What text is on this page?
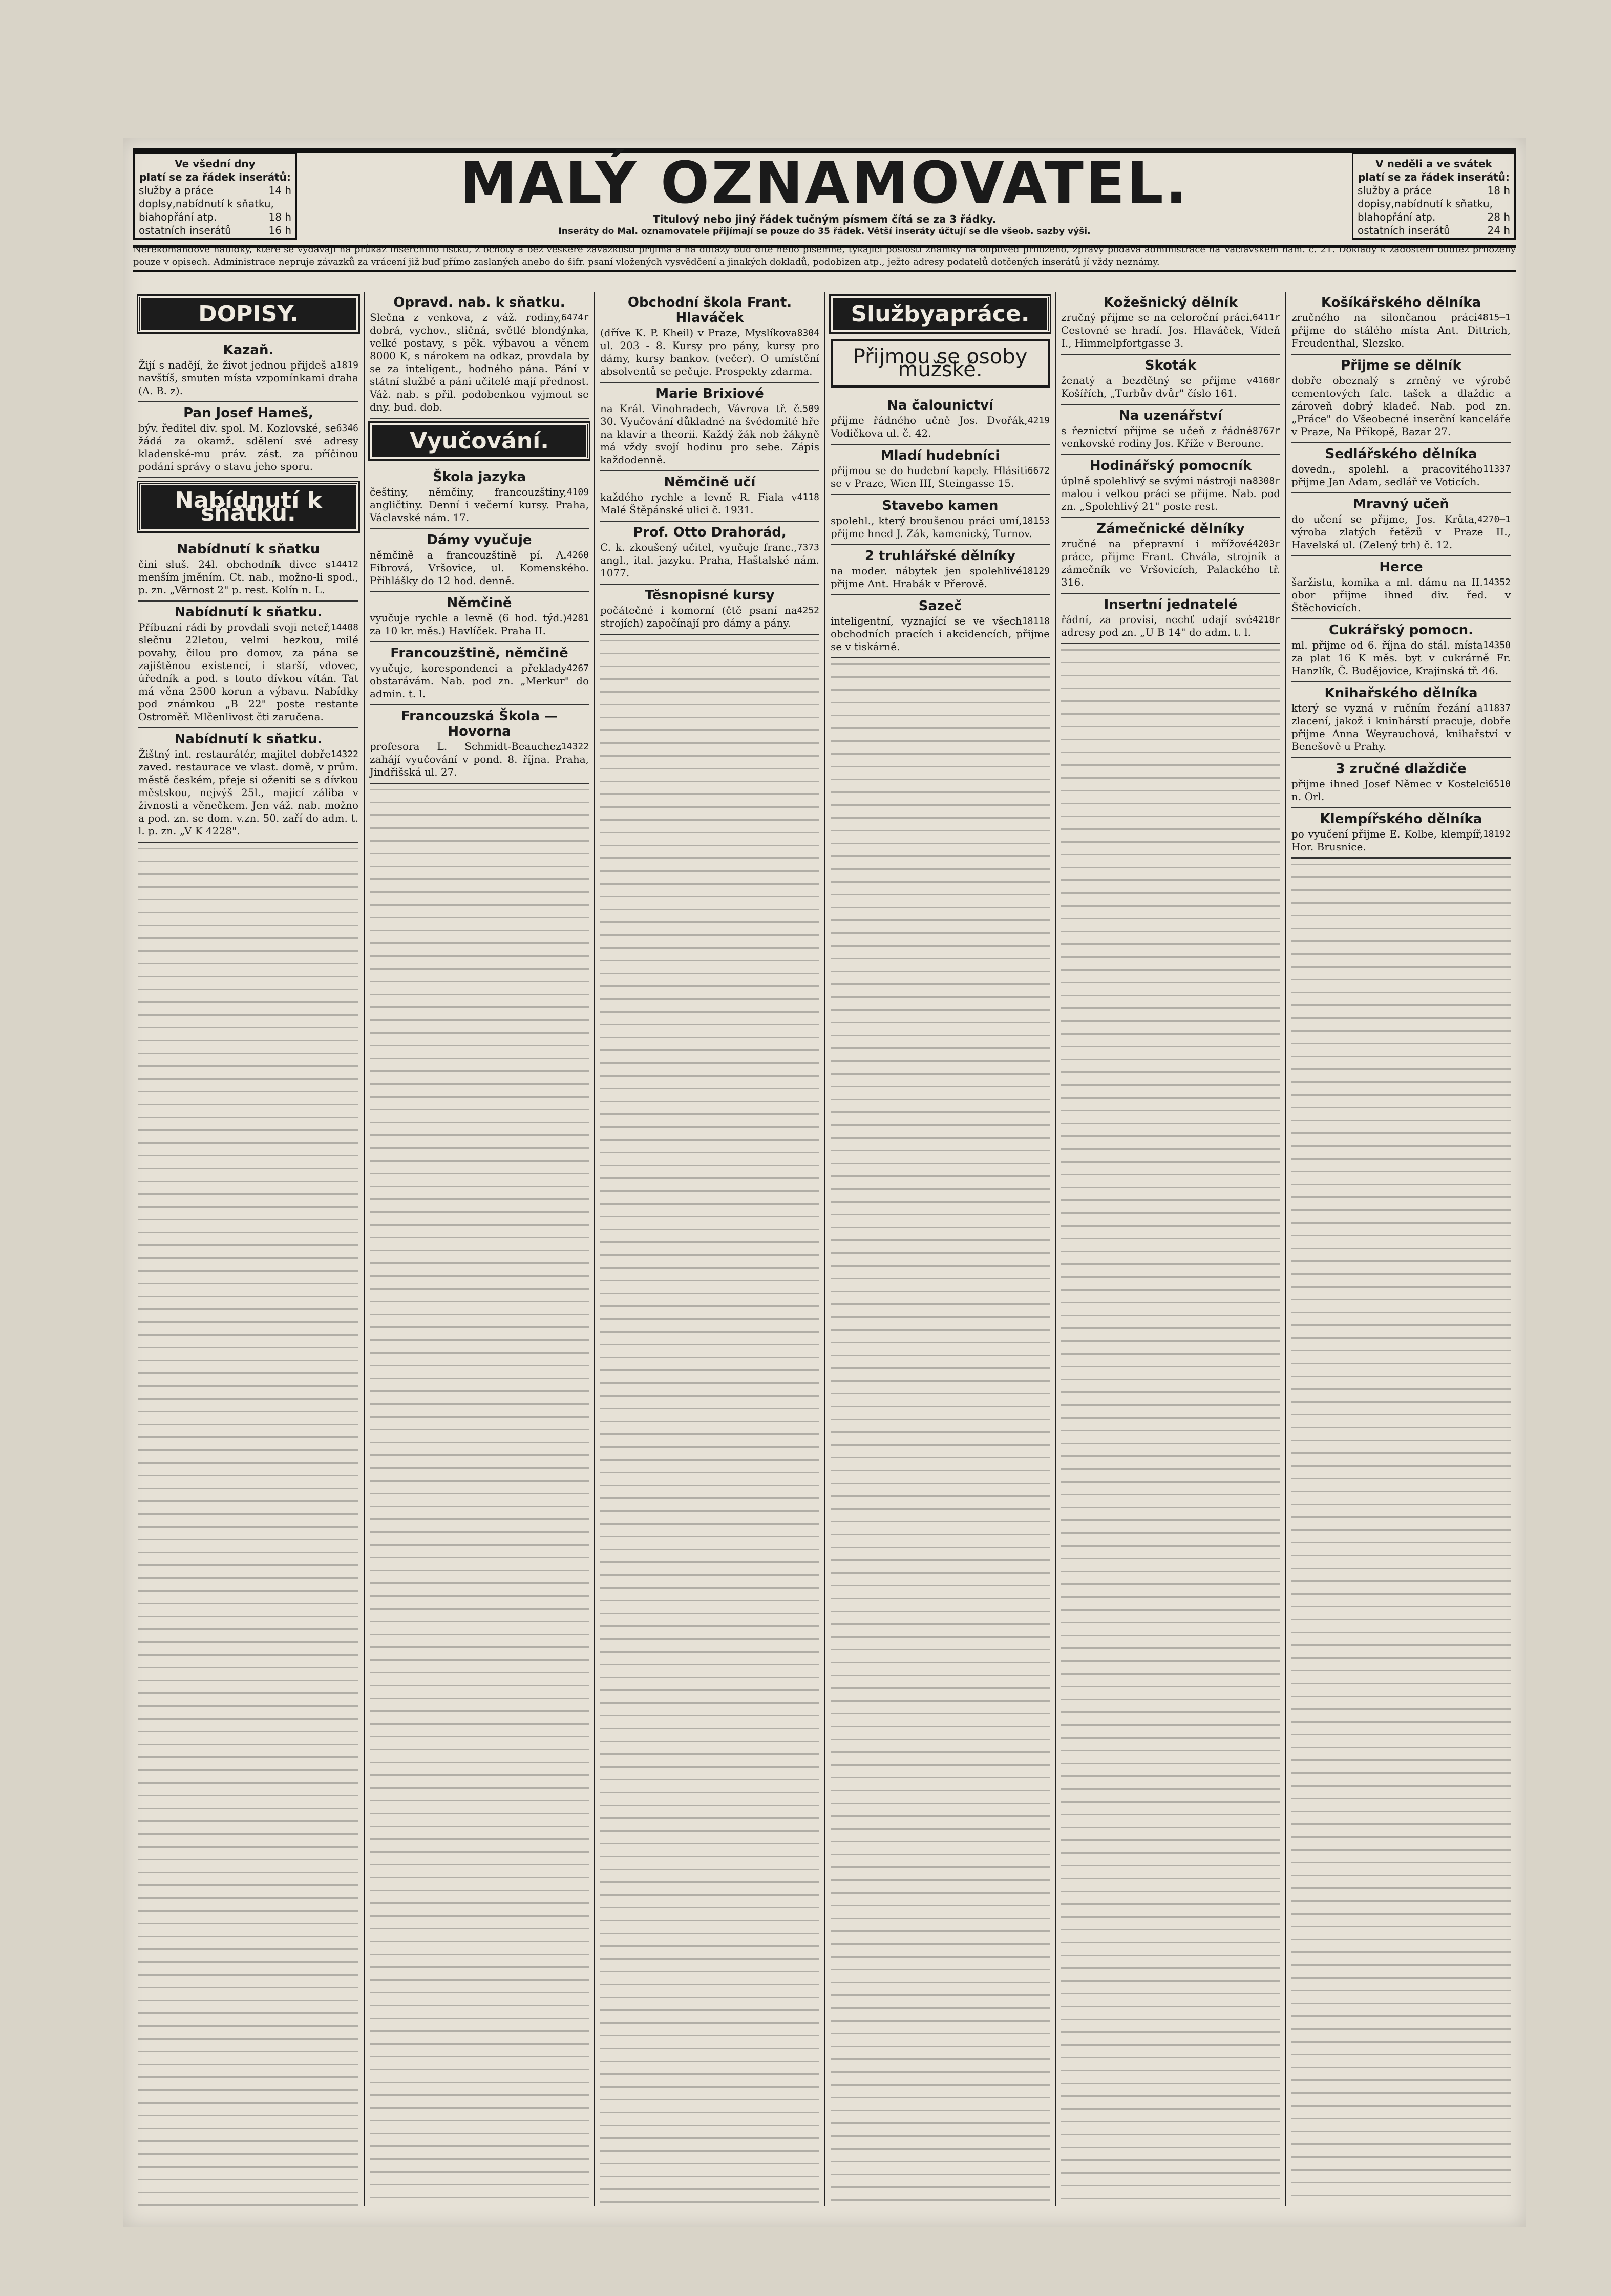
Ve všední dny
platí se za řádek inserátů:
služby a práce	14 h
doplsy,nabídnutí k sňatku,
biahopřání atp.	18 h
ostatních inserátů	16 h
MALÝ OZNAMOVATEL.
Titulový nebo jiný řádek tučným písmem čítá se za 3 řádky.
Inseráty do Mal. oznamovatele přijímají se pouze do 35 řádek. Větší inseráty účtují se dle všeob. sazby výši.
V neděli a ve svátek
platí se za řádek inserátů:
služby a práce	18 h
dopisy,nabídnutí k sňatku,
blahopřání atp.	28 h
ostatních inserátů	24 h
Nerekomandové nabídky, které se vydávají na průkaz inserčního lístku, z ochoty a bez veškeré zavazkosti přijímá a na dotazy buď dítě nebo písemně, týkající pošlosti známky na odpověď přiloženo, zprávy podává administrace na Václavském nám. č. 21. Doklady k žádostem budtež přiloženy pouze v opisech. Administrace nepruje závazků za vrácení již buď přímo zaslaných anebo do šifr. psaní vložených vysvědčení a jinakých dokladů, podobizen atp., ježto adresy podatelů dotčených inserátů jí vždy neznámy.
DOPISY.
Kazaň.
1819

Žijí s nadějí, že život jednou přijdeš a navštíš, smuten místa vzpomínkami draha (A. B. z).

Pan Josef Hameš,
6346

býv. ředitel div. spol. M. Kozlovské, se žádá za okamž. sdělení své adresy kladenské-mu práv. zást. za příčinou podání správy o stavu jeho sporu.

Nabídnutí k sňatku.
Nabídnutí k sňatku
14412

čini sluš. 24l. obchodník divce s menším jměním. Ct. nab., možno-li spod., p. zn. „Věrnost 2" p. rest. Kolín n. L.

Nabídnutí k sňatku.
14408

Příbuzní rádi by provdali svoji neteř, slečnu 22letou, velmi hezkou, milé povahy, čilou pro domov, za pána se zajištěnou existencí, i starší, vdovec, úředník a pod. s touto dívkou vítán. Tat má věna 2500 korun a výbavu. Nabídky pod známkou „B 22" poste restante Ostroměř. Mlčenlivost čti zaručena.

Nabídnutí k sňatku.
14322

Žištný int. restaurátér, majitel dobře zaved. restaurace ve vlast. domě, v prům. městě českém, přeje si oženiti se s dívkou městskou, nejvýš 25l., majicí záliba v živnosti a věnečkem. Jen váž. nab. možno a pod. zn. se dom. v.zn. 50. zaří do adm. t. l. p. zn. „V K 4228".

Opravd. nab. k sňatku.
6474r

Slečna z venkova, z váž. rodiny, dobrá, vychov., sličná, světlé blondýnka, velké postavy, s pěk. výbavou a věnem 8000 K, s nárokem na odkaz, provdala by se za inteligent., hodného pána. Pání v státní službě a páni učitelé mají přednost. Váž. nab. s přil. podobenkou vyjmout se dny. bud. dob.

Vyučování.
Škola jazyka
4109

češtiny, němčiny, francouzštiny, angličtiny. Denní i večerní kursy. Praha, Václavské nám. 17.

Dámy vyučuje
4260

němčině a francouzštině pí. A. Fibrová, Vršovice, ul. Komenského. Přihlášky do 12 hod. denně.

Němčině
4281

vyučuje rychle a levně (6 hod. týd.) za 10 kr. měs.) Havlíček. Praha II.

Francouzštině, němčině
4267

vyučuje, korespondenci a překlady obstarávám. Nab. pod zn. „Merkur" do admin. t. l.

Francouzská Škola — Hovorna
14322

profesora L. Schmidt-Beauchez zahájí vyučování v pond. 8. října. Praha, Jindřišská ul. 27.

Obchodní škola Frant. Hlaváček
8304

(dříve K. P. Kheil) v Praze, Myslíkova ul. 203 - 8. Kursy pro pány, kursy pro dámy, kursy bankov. (večer). O umístění absolventů se pečuje. Prospekty zdarma.

Marie Brixiové
509

na Král. Vinohradech, Vávrova tř. č. 30. Vyučování důkladné na švédomité hře na klavír a theorii. Každý žák nob žákyně má vždy svojí hodinu pro sebe. Zápis každodenně.

Němčině učí
4118

každého rychle a levně R. Fiala v Malé Štěpánské ulici č. 1931.

Prof. Otto Drahorád,
7373

C. k. zkoušený učitel, vyučuje franc., angl., ital. jazyku. Praha, Haštalské nám. 1077.

Těsnopisné kursy
4252

počátečné i komorní (čtě psaní na strojích) započínají pro dámy a pány.

Službyapráce.
Přijmou se osoby mužské.
Na čalounictví
4219

přijme řádného učně Jos. Dvořák, Vodičkova ul. č. 42.

Mladí hudebníci
6672

přijmou se do hudební kapely. Hlásiti se v Praze, Wien III, Steingasse 15.

Stavebo kamen
18153

spolehl., který broušenou práci umí, přijme hned J. Zák, kamenický, Turnov.

2 truhlářské dělníky
18129

na moder. nábytek jen spolehlivé přijme Ant. Hrabák v Přerově.

Sazeč
18118

inteligentní, vyznající se ve všech obchodních pracích i akcidencích, přijme se v tiskárně.

Kožešnický dělník
6411r

zručný přijme se na celoroční práci. Cestovné se hradí. Jos. Hlaváček, Vídeň I., Himmelpfortgasse 3.

Skoták
4160r

ženatý a bezdětný se přijme v Košířích, „Turbův dvůr" číslo 161.

Na uzenářství
8767r

s řeznictví přijme se učeň z řádné venkovské rodiny Jos. Kříže v Beroune.

Hodinářský pomocník
8308r

úplně spolehlivý se svými nástroji na malou i velkou práci se přijme. Nab. pod zn. „Spolehlivý 21" poste rest.

Zámečnické dělníky
4203r

zručné na přepravní i mřížové práce, přijme Frant. Chvála, strojník a zámečník ve Vršovicích, Palackého tř. 316.

Insertní jednatelé
4218r

řádní, za provisi, nechť udají své adresy pod zn. „U B 14" do adm. t. l.

Košíkářského dělníka
4815—1

zručného na silončanou práci přijme do stálého místa Ant. Dittrich, Freudenthal, Slezsko.

Přijme se dělník

dobře obeznalý s zrněný ve výrobě cementových falc. tašek a dlaždic a zároveň dobrý kladeč. Nab. pod zn. „Práce" do Všeobecné inserční kanceláře v Praze, Na Příkopě, Bazar 27.

Sedlářského dělníka
11337

dovedn., spolehl. a pracovitého přijme Jan Adam, sedlář ve Voticích.

Mravný učeň
4270—1

do učení se přijme, Jos. Krůta, výroba zlatých řetězů v Praze II., Havelská ul. (Zelený trh) č. 12.

Herce
14352

šaržistu, komika a ml. dámu na II. obor přijme ihned div. řed. v Štěchovicích.

Cukrářský pomocn.
14350

ml. přijme od 6. října do stál. místa za plat 16 K měs. byt v cukrárně Fr. Hanzlík, Č. Budějovice, Krajinská tř. 46.

Knihařského dělníka
11837

který se vyzná v ručním řezání a zlacení, jakož i kninhárstí pracuje, dobře přijme Anna Weyrauchová, knihařství v Benešově u Prahy.

3 zručné dlaždiče
6510

přijme ihned Josef Němec v Kostelci n. Orl.

Klempířského dělníka
18192

po vyučení přijme E. Kolbe, klempíř, Hor. Brusnice.
